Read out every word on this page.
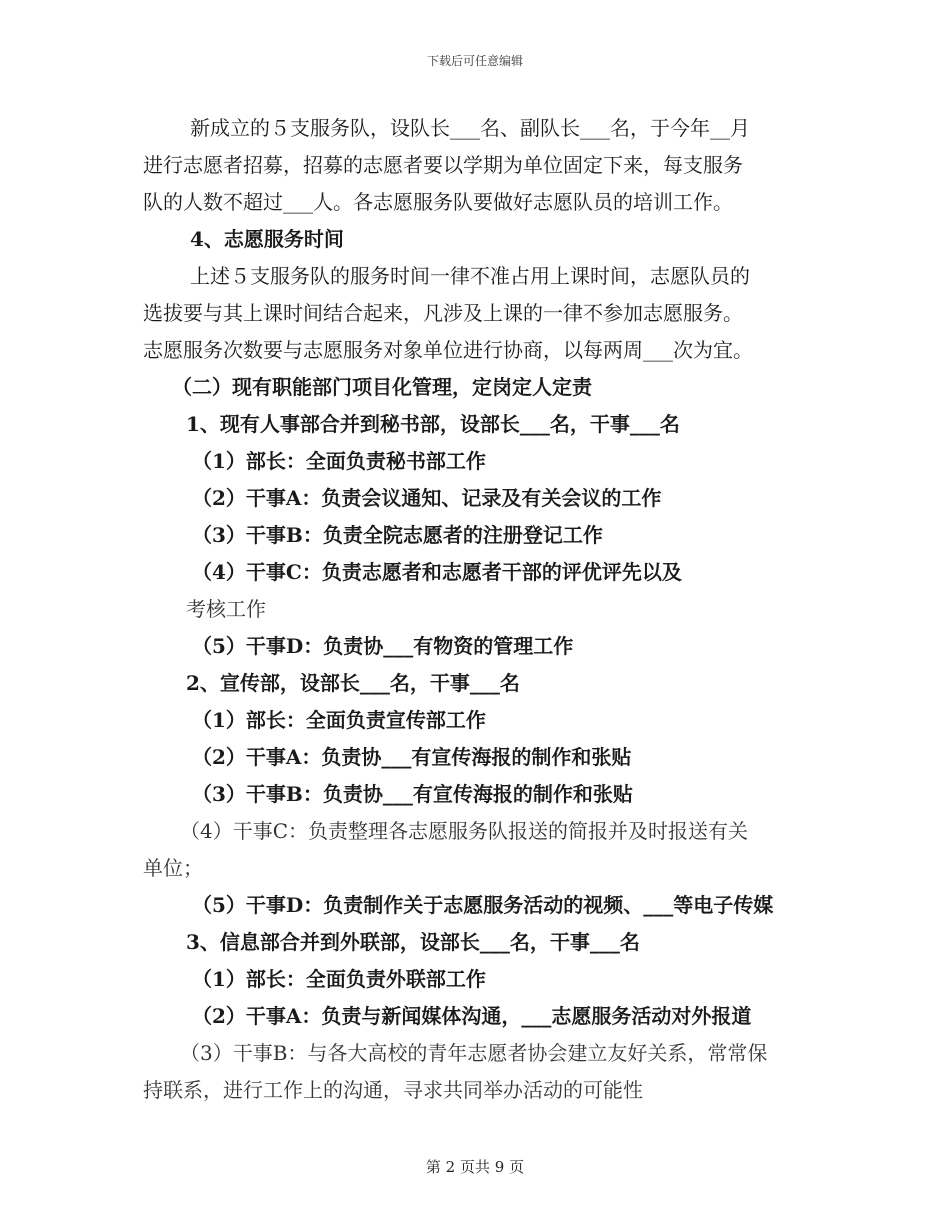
下载后可任意编辑
新成立的５支服务队，设队长___名、副队长___名，于今年__月
进行志愿者招募，招募的志愿者要以学期为单位固定下来，每支服务
队的人数不超过___人。各志愿服务队要做好志愿队员的培训工作。
4、志愿服务时间
上述５支服务队的服务时间一律不准占用上课时间，志愿队员的
选拔要与其上课时间结合起来，凡涉及上课的一律不参加志愿服务。
志愿服务次数要与志愿服务对象单位进行协商，以每两周___次为宜。
（二）现有职能部门项目化管理，定岗定人定责
1、现有人事部合并到秘书部，设部长___名，干事___名
（1）部长：全面负责秘书部工作
（2）干事A：负责会议通知、记录及有关会议的工作
（3）干事B：负责全院志愿者的注册登记工作
（4）干事C：负责志愿者和志愿者干部的评优评先以及
考核工作
（5）干事D：负责协___有物资的管理工作
2、宣传部，设部长___名，干事___名
（1）部长：全面负责宣传部工作
（2）干事A：负责协___有宣传海报的制作和张贴
（3）干事B：负责协___有宣传海报的制作和张贴
（4）干事C：负责整理各志愿服务队报送的简报并及时报送有关
单位；
（5）干事D：负责制作关于志愿服务活动的视频、___等电子传媒
3、信息部合并到外联部，设部长___名，干事___名
（1）部长：全面负责外联部工作
（2）干事A：负责与新闻媒体沟通，___志愿服务活动对外报道
（3）干事B：与各大高校的青年志愿者协会建立友好关系，常常保
持联系，进行工作上的沟通，寻求共同举办活动的可能性
第 2 页共 9 页
